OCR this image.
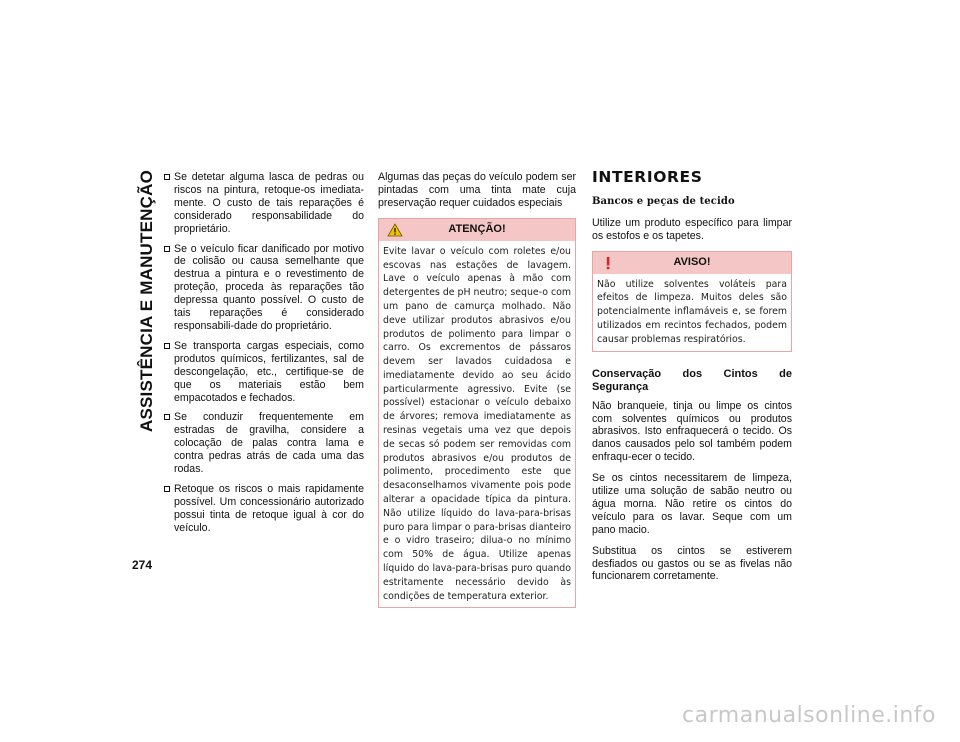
ASSISTÊNCIA E MANUTENÇÃO
274
Se detetar alguma lasca de pedras ou riscos na pintura, retoque-os imediata-mente. O custo de tais reparações é considerado responsabilidade do proprietário.
Se o veículo ficar danificado por motivo de colisão ou causa semelhante que destrua a pintura e o revestimento de proteção, proceda às reparações tão depressa quanto possível. O custo de tais reparações é considerado responsabili-dade do proprietário.
Se transporta cargas especiais, como produtos químicos, fertilizantes, sal de descongelação, etc., certifique-se de que os materiais estão bem empacotados e fechados.
Se conduzir frequentemente em estradas de gravilha, considere a colocação de palas contra lama e contra pedras atrás de cada uma das rodas.
Retoque os riscos o mais rapidamente possível. Um concessionário autorizado possui tinta de retoque igual à cor do veículo.

Algumas das peças do veículo podem ser pintadas com uma tinta mate cuja preservação requer cuidados especiais

ATENÇÃO!
Evite lavar o veículo com roletes e/ou escovas nas estações de lavagem. Lave o veículo apenas à mão com detergentes de pH neutro; seque-o com um pano de camurça molhado. Não deve utilizar produtos abrasivos e/ou produtos de polimento para limpar o carro. Os excrementos de pássaros devem ser lavados cuidadosa e imediatamente devido ao seu ácido particularmente agressivo. Evite (se possível) estacionar o veículo debaixo de árvores; remova imediatamente as resinas vegetais uma vez que depois de secas só podem ser removidas com produtos abrasivos e/ou produtos de polimento, procedimento este que desaconselhamos vivamente pois pode alterar a opacidade típica da pintura. Não utilize líquido do lava-para-brisas puro para limpar o para-brisas dianteiro e o vidro traseiro; dilua-o no mínimo com 50% de água. Utilize apenas líquido do lava-para-brisas puro quando estritamente necessário devido às condições de temperatura exterior.
INTERIORES
Bancos e peças de tecido

Utilize um produto específico para limpar os estofos e os tapetes.

AVISO!
Não utilize solventes voláteis para efeitos de limpeza. Muitos deles são potencialmente inflamáveis e, se forem utilizados em recintos fechados, podem causar problemas respiratórios.
Conservação dos Cintos de Segurança

Não branqueie, tinja ou limpe os cintos com solventes químicos ou produtos abrasivos. Isto enfraquecerá o tecido. Os danos causados pelo sol também podem enfraqu-ecer o tecido.

Se os cintos necessitarem de limpeza, utilize uma solução de sabão neutro ou água morna. Não retire os cintos do veículo para os lavar. Seque com um pano macio.

Substitua os cintos se estiverem desfiados ou gastos ou se as fivelas não funcionarem corretamente.

carmanualsonline.info
